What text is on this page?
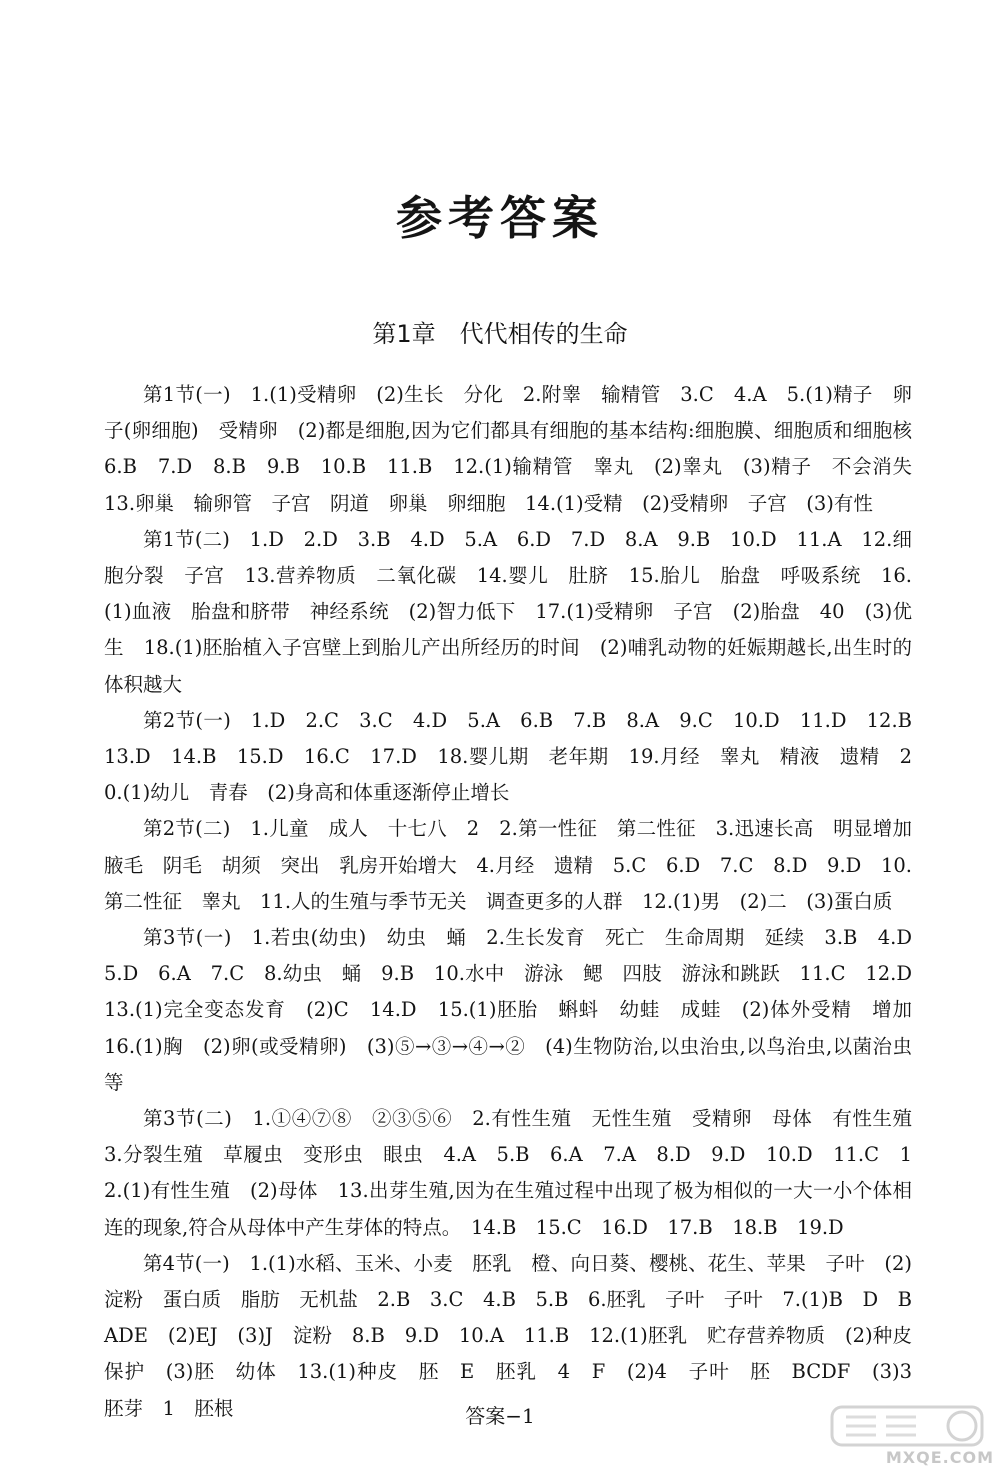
参考答案
第1章　代代相传的生命

第1节(一)　1.(1)受精卵　(2)生长　分化　2.附睾　输精管　3.C　4.A　5.(1)精子　卵子(卵细胞)　受精卵　(2)都是细胞,因为它们都具有细胞的基本结构:细胞膜、细胞质和细胞核　6.B　7.D　8.B　9.B　10.B　11.B　12.(1)输精管　睾丸　(2)睾丸　(3)精子　不会消失　13.卵巢　输卵管　子宫　阴道　卵巢　卵细胞　14.(1)受精　(2)受精卵　子宫　(3)有性

第1节(二)　1.D　2.D　3.B　4.D　5.A　6.D　7.D　8.A　9.B　10.D　11.A　12.细胞分裂　子宫　13.营养物质　二氧化碳　14.婴儿　肚脐　15.胎儿　胎盘　呼吸系统　16.(1)血液　胎盘和脐带　神经系统　(2)智力低下　17.(1)受精卵　子宫　(2)胎盘　40　(3)优生　18.(1)胚胎植入子宫壁上到胎儿产出所经历的时间　(2)哺乳动物的妊娠期越长,出生时的体积越大

第2节(一)　1.D　2.C　3.C　4.D　5.A　6.B　7.B　8.A　9.C　10.D　11.D　12.B　13.D　14.B　15.D　16.C　17.D　18.婴儿期　老年期　19.月经　睾丸　精液　遗精　20.(1)幼儿　青春　(2)身高和体重逐渐停止增长

第2节(二)　1.儿童　成人　十七八　2　2.第一性征　第二性征　3.迅速长高　明显增加　腋毛　阴毛　胡须　突出　乳房开始增大　4.月经　遗精　5.C　6.D　7.C　8.D　9.D　10.第二性征　睾丸　11.人的生殖与季节无关　调查更多的人群　12.(1)男　(2)二　(3)蛋白质

第3节(一)　1.若虫(幼虫)　幼虫　蛹　2.生长发育　死亡　生命周期　延续　3.B　4.D　5.D　6.A　7.C　8.幼虫　蛹　9.B　10.水中　游泳　鳃　四肢　游泳和跳跃　11.C　12.D　13.(1)完全变态发育　(2)C　14.D　15.(1)胚胎　蝌蚪　幼蛙　成蛙　(2)体外受精　增加　16.(1)胸　(2)卵(或受精卵)　(3)⑤→③→④→②　(4)生物防治,以虫治虫,以鸟治虫,以菌治虫等

第3节(二)　1.①④⑦⑧　②③⑤⑥　2.有性生殖　无性生殖　受精卵　母体　有性生殖　3.分裂生殖　草履虫　变形虫　眼虫　4.A　5.B　6.A　7.A　8.D　9.D　10.D　11.C　12.(1)有性生殖　(2)母体　13.出芽生殖,因为在生殖过程中出现了极为相似的一大一小个体相连的现象,符合从母体中产生芽体的特点。　14.B　15.C　16.D　17.B　18.B　19.D

第4节(一)　1.(1)水稻、玉米、小麦　胚乳　橙、向日葵、樱桃、花生、苹果　子叶　(2)淀粉　蛋白质　脂肪　无机盐　2.B　3.C　4.B　5.B　6.胚乳　子叶　子叶　7.(1)B　D　BADE　(2)EJ　(3)J　淀粉　8.B　9.D　10.A　11.B　12.(1)胚乳　贮存营养物质　(2)种皮　保护　(3)胚　幼体　13.(1)种皮　胚　E　胚乳　4　F　(2)4　子叶　胚　BCDF　(3)3　胚芽　1　胚根	答案−1
MXQE.COM
